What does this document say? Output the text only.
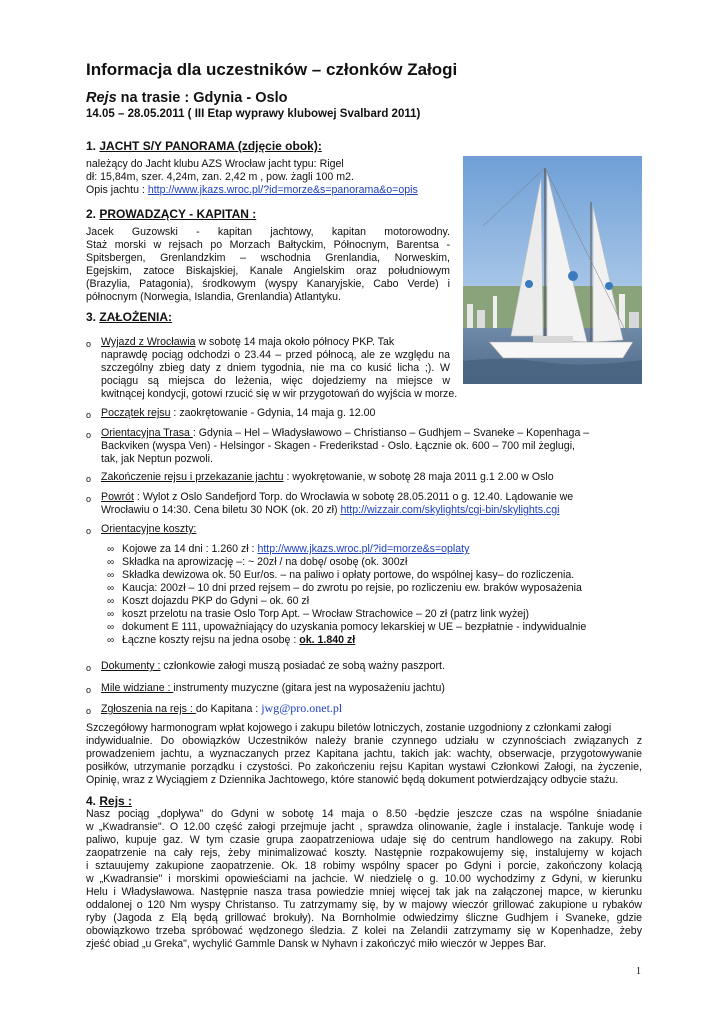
Informacja dla uczestników – członków Załogi
Rejs na trasie : Gdynia - Oslo
14.05 – 28.05.2011 ( III Etap wyprawy klubowej Svalbard 2011)
1. JACHT S/Y PANORAMA (zdjęcie obok):
należący do Jacht klubu AZS Wrocław jacht typu: Rigel
dł: 15,84m, szer. 4,24m, zan. 2,42 m , pow. żagli 100 m2.
Opis jachtu : http://www.jkazs.wroc.pl/?id=morze&s=panorama&o=opis
2. PROWADZĄCY - KAPITAN :
Jacek Guzowski - kapitan jachtowy, kapitan motorowodny.
Staż morski w rejsach po Morzach Bałtyckim, Północnym, Barentsa -
Spitsbergen, Grenlandzkim – wschodnia Grenlandia, Norweskim,
Egejskim, zatoce Biskajskiej, Kanale Angielskim oraz południowym
(Brazylia, Patagonia), środkowym (wyspy Kanaryjskie, Cabo Verde) i
północnym (Norwegia, Islandia, Grenlandia) Atlantyku.
3. ZAŁOŻENIA:
o Wyjazd z Wrocławia w sobotę 14 maja około północy PKP. Tak
naprawdę pociąg odchodzi o 23.44 – przed północą, ale ze względu na
szczególny zbieg daty z dniem tygodnia, nie ma co kusić licha ;). W
pociągu są miejsca do leżenia, więc dojedziemy na miejsce w
kwitnącej kondycji, gotowi rzucić się w wir przygotowań do wyjścia w morze.
o Początek rejsu : zaokrętowanie - Gdynia, 14 maja g. 12.00
o Orientacyjna Trasa : Gdynia – Hel – Władysławowo – Christianso – Gudhjem – Svaneke – Kopenhaga –
Backviken (wyspa Ven) - Helsingor - Skagen - Frederikstad - Oslo. Łącznie ok. 600 – 700 mil żeglugi,
tak, jak Neptun pozwoli.
o Zakończenie rejsu i przekazanie jachtu : wyokrętowanie, w sobotę 28 maja 2011 g.1 2.00 w Oslo
o Powrót : Wylot z Oslo Sandefjord Torp. do Wrocławia w sobotę 28.05.2011 o g. 12.40. Lądowanie we
Wrocławiu o 14:30. Cena biletu 30 NOK (ok. 20 zł) http://wizzair.com/skylights/cgi-bin/skylights.cgi
o Orientacyjne koszty:
∞ Kojowe za 14 dni : 1.260 zł : http://www.jkazs.wroc.pl/?id=morze&s=oplaty
∞ Składka na aprowizację –: ~ 20zł / na dobę/ osobę (ok. 300zł
∞ Składka dewizowa ok. 50 Eur/os. – na paliwo i opłaty portowe, do wspólnej kasy– do rozliczenia.
∞ Kaucja: 200zł – 10 dni przed rejsem – do zwrotu po rejsie, po rozliczeniu ew. braków wyposażenia
∞ Koszt dojazdu PKP do Gdyni – ok. 60 zł
∞ koszt przelotu na trasie Oslo Torp Apt. – Wrocław Strachowice – 20 zł (patrz link wyżej)
∞ dokument E 111, upoważniający do uzyskania pomocy lekarskiej w UE – bezpłatnie - indywidualnie
∞ Łączne koszty rejsu na jedna osobę : ok. 1.840 zł
o Dokumenty : członkowie załogi muszą posiadać ze sobą ważny paszport.
o Mile widziane : instrumenty muzyczne (gitara jest na wyposażeniu jachtu)
o Zgłoszenia na rejs : do Kapitana : jwg@pro.onet.pl
Szczegółowy harmonogram wpłat kojowego i zakupu biletów lotniczych, zostanie uzgodniony z członkami załogi
indywidualnie. Do obowiązków Uczestników należy branie czynnego udziału w czynnościach związanych z
prowadzeniem jachtu, a wyznaczanych przez Kapitana jachtu, takich jak: wachty, obserwacje, przygotowywanie
posiłków, utrzymanie porządku i czystości. Po zakończeniu rejsu Kapitan wystawi Członkowi Załogi, na życzenie,
Opinię, wraz z Wyciągiem z Dziennika Jachtowego, które stanowić będą dokument potwierdzający odbycie stażu.
4. Rejs :
Nasz pociąg „dopływa" do Gdyni w sobotę 14 maja o 8.50 -będzie jeszcze czas na wspólne śniadanie
w „Kwadransie". O 12.00 część załogi przejmuje jacht , sprawdza olinowanie, żagle i instalacje. Tankuje wodę i
paliwo, kupuje gaz. W tym czasie grupa zaopatrzeniowa udaje się do centrum handlowego na zakupy. Robi
zaopatrzenie na cały rejs, żeby minimalizować koszty. Następnie rozpakowujemy się, instalujemy w kojach
i sztauujemy zakupione zaopatrzenie. Ok. 18 robimy wspólny spacer po Gdyni i porcie, zakończony kolacją
w „Kwadransie" i morskimi opowieściami na jachcie. W niedzielę o g. 10.00 wychodzimy z Gdyni, w kierunku
Helu i Władysławowa. Następnie nasza trasa powiedzie mniej więcej tak jak na załączonej mapce, w kierunku
oddalonej o 120 Nm wyspy Christanso. Tu zatrzymamy się, by w majowy wieczór grillować zakupione u rybaków
ryby (Jagoda z Elą będą grillować brokuły). Na Bornholmie odwiedzimy śliczne Gudhjem i Svaneke, gdzie
obowiązkowo trzeba spróbować wędzonego śledzia. Z kolei na Zelandii zatrzymamy się w Kopenhadze, żeby
zjeść obiad „u Greka", wychylić Gammle Dansk w Nyhavn i zakończyć miło wieczór w Jeppes Bar.
1
